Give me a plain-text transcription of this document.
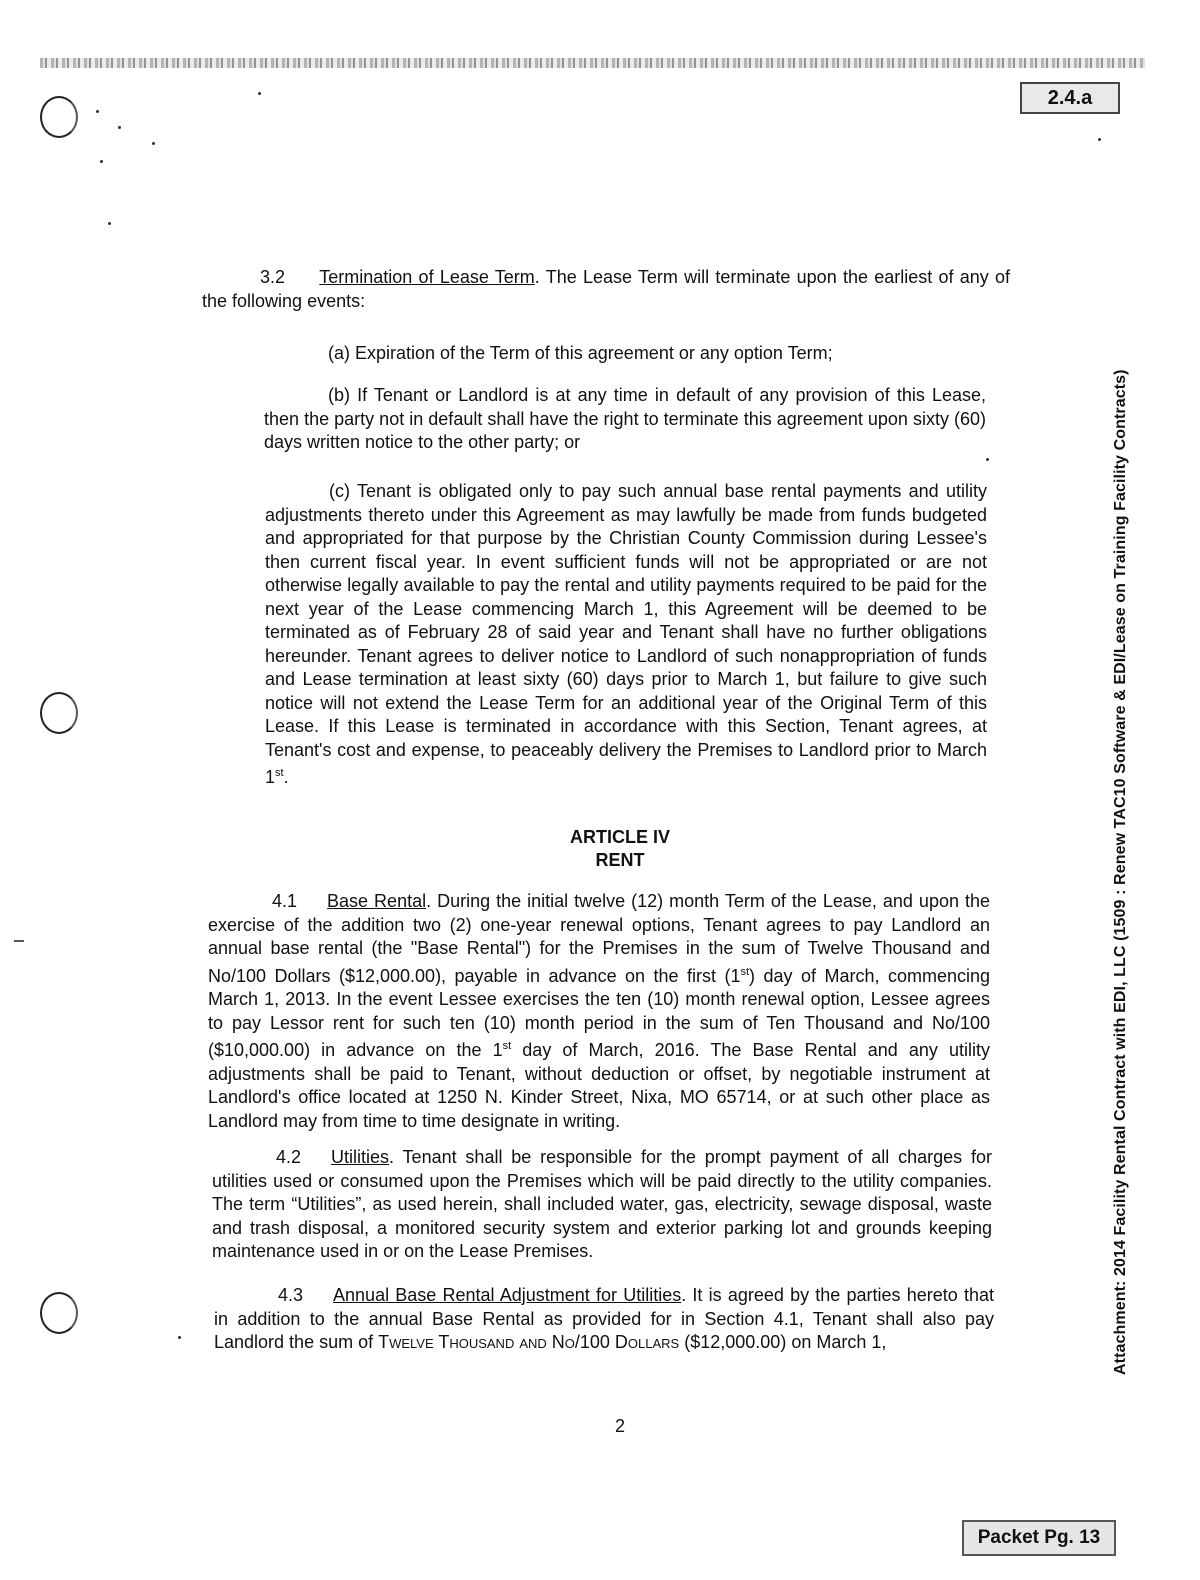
2.4.a
Attachment: 2014 Facility Rental Contract with EDI, LLC (1509 : Renew TAC10 Software & EDI/Lease on Training Facility Contracts)

3.2 Termination of Lease Term. The Lease Term will terminate upon the earliest of any of the following events:

(a) Expiration of the Term of this agreement or any option Term;

(b) If Tenant or Landlord is at any time in default of any provision of this Lease, then the party not in default shall have the right to terminate this agreement upon sixty (60) days written notice to the other party; or

(c) Tenant is obligated only to pay such annual base rental payments and utility adjustments thereto under this Agreement as may lawfully be made from funds budgeted and appropriated for that purpose by the Christian County Commission during Lessee's then current fiscal year. In event sufficient funds will not be appropriated or are not otherwise legally available to pay the rental and utility payments required to be paid for the next year of the Lease commencing March 1, this Agreement will be deemed to be terminated as of February 28 of said year and Tenant shall have no further obligations hereunder. Tenant agrees to deliver notice to Landlord of such nonappropriation of funds and Lease termination at least sixty (60) days prior to March 1, but failure to give such notice will not extend the Lease Term for an additional year of the Original Term of this Lease. If this Lease is terminated in accordance with this Section, Tenant agrees, at Tenant's cost and expense, to peaceably delivery the Premises to Landlord prior to March 1st.

ARTICLE IV
RENT

4.1 Base Rental. During the initial twelve (12) month Term of the Lease, and upon the exercise of the addition two (2) one-year renewal options, Tenant agrees to pay Landlord an annual base rental (the "Base Rental") for the Premises in the sum of Twelve Thousand and No/100 Dollars ($12,000.00), payable in advance on the first (1st) day of March, commencing March 1, 2013. In the event Lessee exercises the ten (10) month renewal option, Lessee agrees to pay Lessor rent for such ten (10) month period in the sum of Ten Thousand and No/100 ($10,000.00) in advance on the 1st day of March, 2016. The Base Rental and any utility adjustments shall be paid to Tenant, without deduction or offset, by negotiable instrument at Landlord's office located at 1250 N. Kinder Street, Nixa, MO 65714, or at such other place as Landlord may from time to time designate in writing.

4.2 Utilities. Tenant shall be responsible for the prompt payment of all charges for utilities used or consumed upon the Premises which will be paid directly to the utility companies. The term “Utilities”, as used herein, shall included water, gas, electricity, sewage disposal, waste and trash disposal, a monitored security system and exterior parking lot and grounds keeping maintenance used in or on the Lease Premises.

4.3 Annual Base Rental Adjustment for Utilities. It is agreed by the parties hereto that in addition to the annual Base Rental as provided for in Section 4.1, Tenant shall also pay Landlord the sum of Twelve Thousand and No/100 Dollars ($12,000.00) on March 1,

2
Packet Pg. 13
